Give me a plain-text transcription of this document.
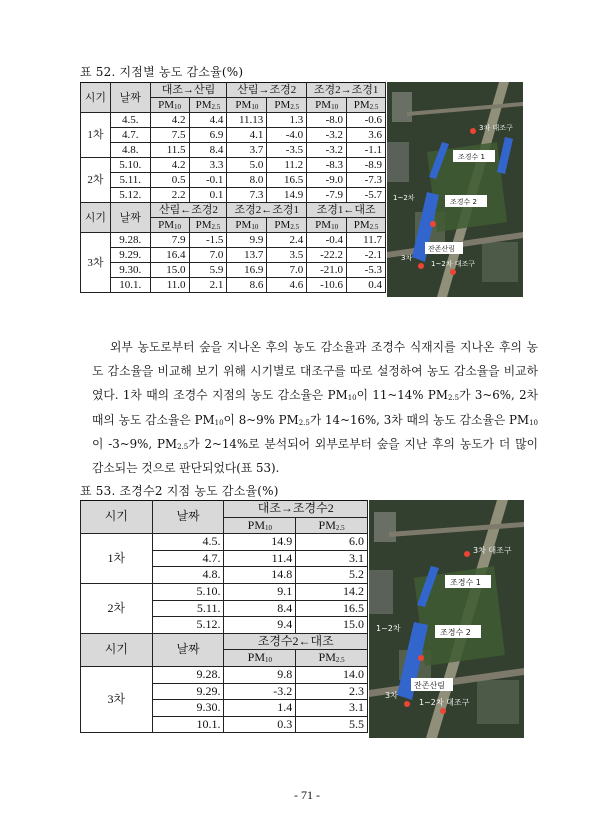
표 52. 지점별 농도 감소율(%)
시기	날짜	대조→산림		산림→조경2		조경2→조경1	
		$PM_{10}$	$PM_{2.5}$	$PM_{10}$	$PM_{2.5}$	$PM_{10}$	$PM_{2.5}$
1차	4.5.	4.2	4.4	11.13	1.3	-8.0	-0.6
	4.7.	7.5	6.9	4.1	-4.0	-3.2	3.6
	4.8.	11.5	8.4	3.7	-3.5	-3.2	-1.1
2차	5.10.	4.2	3.3	5.0	11.2	-8.3	-8.9
	5.11.	0.5	-0.1	8.0	16.5	-9.0	-7.3
	5.12.	2.2	0.1	7.3	14.9	-7.9	-5.7
시기	날짜	산림←조경2		조경2←조경1		조경1←대조	
		$PM_{10}$	$PM_{2.5}$	$PM_{10}$	$PM_{2.5}$	$PM_{10}$	$PM_{2.5}$
3차	9.28.	7.9	-1.5	9.9	2.4	-0.4	11.7
	9.29.	16.4	7.0	13.7	3.5	-22.2	-2.1
	9.30.	15.0	5.9	16.9	7.0	-21.0	-5.3
	10.1.	11.0	2.1	8.6	4.6	-10.6	0.4
3차 대조구
조경수 1
조경수 2
1~2차
잔존산림
1~2차 대조구
3차

외부 농도로부터 숲을 지나온 후의 농도 감소율과 조경수 식재지를 지나온 후의 농도 감소율을 비교해 보기 위해 시기별로 대조구를 따로 설정하여 농도 감소율을 비교하였다. 1차 때의 조경수 지점의 농도 감소율은 $PM_{10}$이 11~14% $PM_{2.5}$가 3~6%, 2차 때의 농도 감소율은 $PM_{10}$이 8~9% $PM_{2.5}$가 14~16%, 3차 때의 농도 감소율은 $PM_{10}$이 -3~9%, $PM_{2.5}$가 2~14%로 분석되어 외부로부터 숲을 지난 후의 농도가 더 많이 감소되는 것으로 판단되었다(표 53).

표 53. 조경수2 지점 농도 감소율(%)
시기	날짜	대조→조경수2	
		$PM_{10}$	$PM_{2.5}$
1차	4.5.	14.9	6.0
	4.7.	11.4	3.1
	4.8.	14.8	5.2
2차	5.10.	9.1	14.2
	5.11.	8.4	16.5
	5.12.	9.4	15.0
시기	날짜	조경수2←대조	
		$PM_{10}$	$PM_{2.5}$
3차	9.28.	9.8	14.0
	9.29.	-3.2	2.3
	9.30.	1.4	3.1
	10.1.	0.3	5.5
3차 대조구
조경수 1
조경수 2
1~2차
잔존산림
1~2차 대조구
3차
- 71 -
